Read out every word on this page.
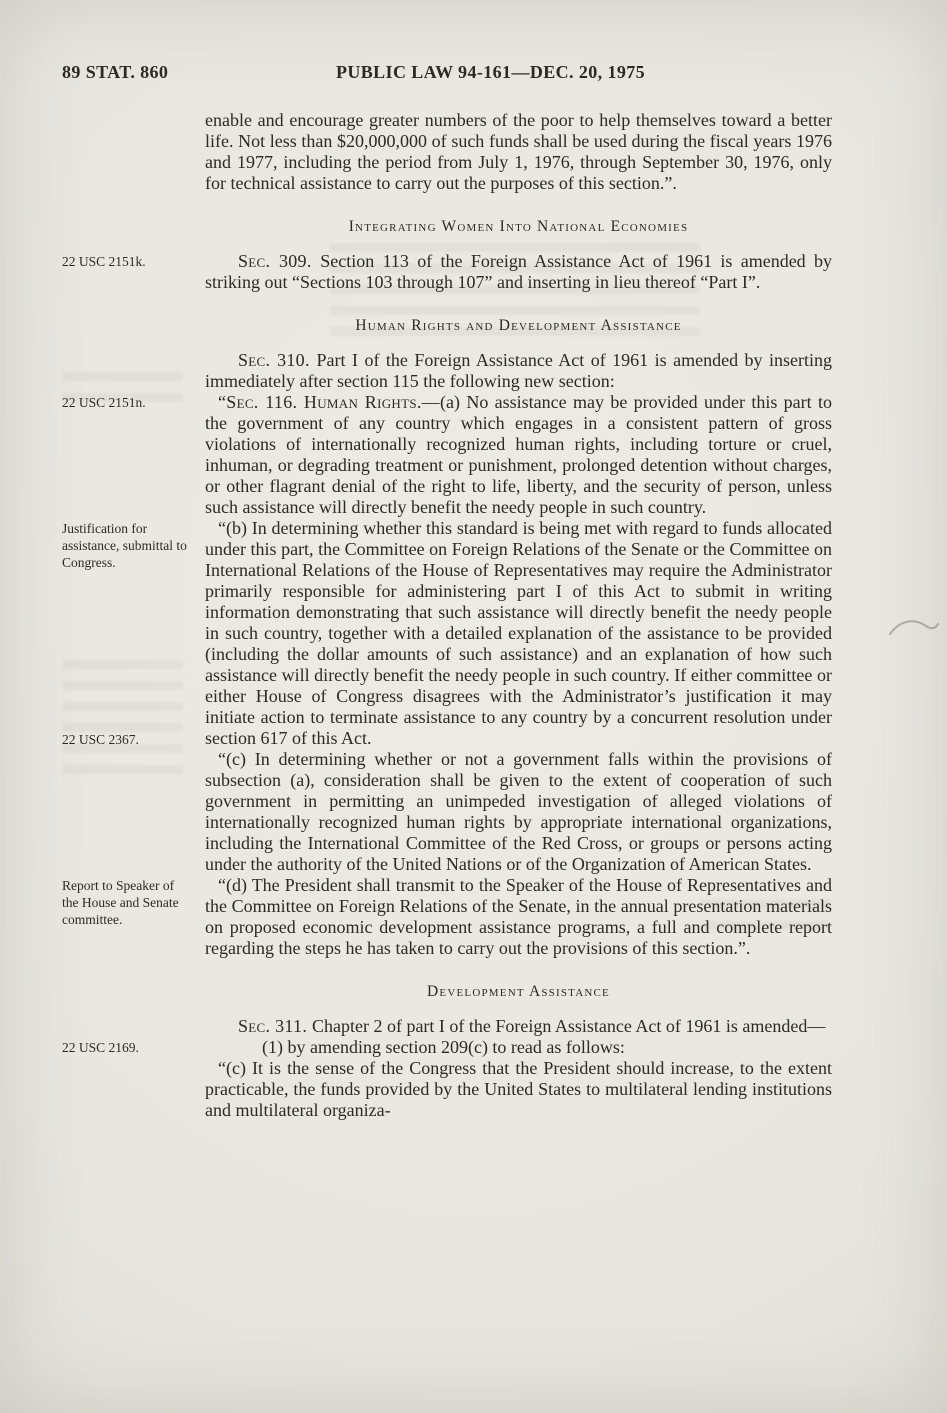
89 STAT. 860	PUBLIC LAW 94-161—DEC. 20, 1975

enable and encourage greater numbers of the poor to help themselves toward a better life. Not less than $20,000,000 of such funds shall be used during the fiscal years 1976 and 1977, including the period from July 1, 1976, through September 30, 1976, only for technical assistance to carry out the purposes of this section.”.

Integrating Women Into National Economies
22 USC 2151k.	Sec. 309. Section 113 of the Foreign Assistance Act of 1961 is amended by striking out “Sections 103 through 107” and inserting in lieu thereof “Part I”.

Human Rights and Development Assistance

Sec. 310. Part I of the Foreign Assistance Act of 1961 is amended by inserting immediately after section 115 the following new section:

22 USC 2151n.	“Sec. 116. Human Rights.—(a) No assistance may be provided under this part to the government of any country which engages in a consistent pattern of gross violations of internationally recognized human rights, including torture or cruel, inhuman, or degrading treatment or punishment, prolonged detention without charges, or other flagrant denial of the right to life, liberty, and the security of person, unless such assistance will directly benefit the needy people in such country.

Justification for assistance, submittal to Congress.
22 USC 2367.

“(b) In determining whether this standard is being met with regard to funds allocated under this part, the Committee on Foreign Relations of the Senate or the Committee on International Relations of the House of Representatives may require the Administrator primarily responsible for administering part I of this Act to submit in writing information demonstrating that such assistance will directly benefit the needy people in such country, together with a detailed explanation of the assistance to be provided (including the dollar amounts of such assistance) and an explanation of how such assistance will directly benefit the needy people in such country. If either committee or either House of Congress disagrees with the Administrator’s justification it may initiate action to terminate assistance to any country by a concurrent resolution under section 617 of this Act.

“(c) In determining whether or not a government falls within the provisions of subsection (a), consideration shall be given to the extent of cooperation of such government in permitting an unimpeded investigation of alleged violations of internationally recognized human rights by appropriate international organizations, including the International Committee of the Red Cross, or groups or persons acting under the authority of the United Nations or of the Organization of American States.

Report to Speaker of the House and Senate committee.

“(d) The President shall transmit to the Speaker of the House of Representatives and the Committee on Foreign Relations of the Senate, in the annual presentation materials on proposed economic development assistance programs, a full and complete report regarding the steps he has taken to carry out the provisions of this section.”.

Development Assistance

Sec. 311. Chapter 2 of part I of the Foreign Assistance Act of 1961 is amended—

22 USC 2169.	(1) by amending section 209(c) to read as follows:

“(c) It is the sense of the Congress that the President should increase, to the extent practicable, the funds provided by the United States to multilateral lending institutions and multilateral organiza-
